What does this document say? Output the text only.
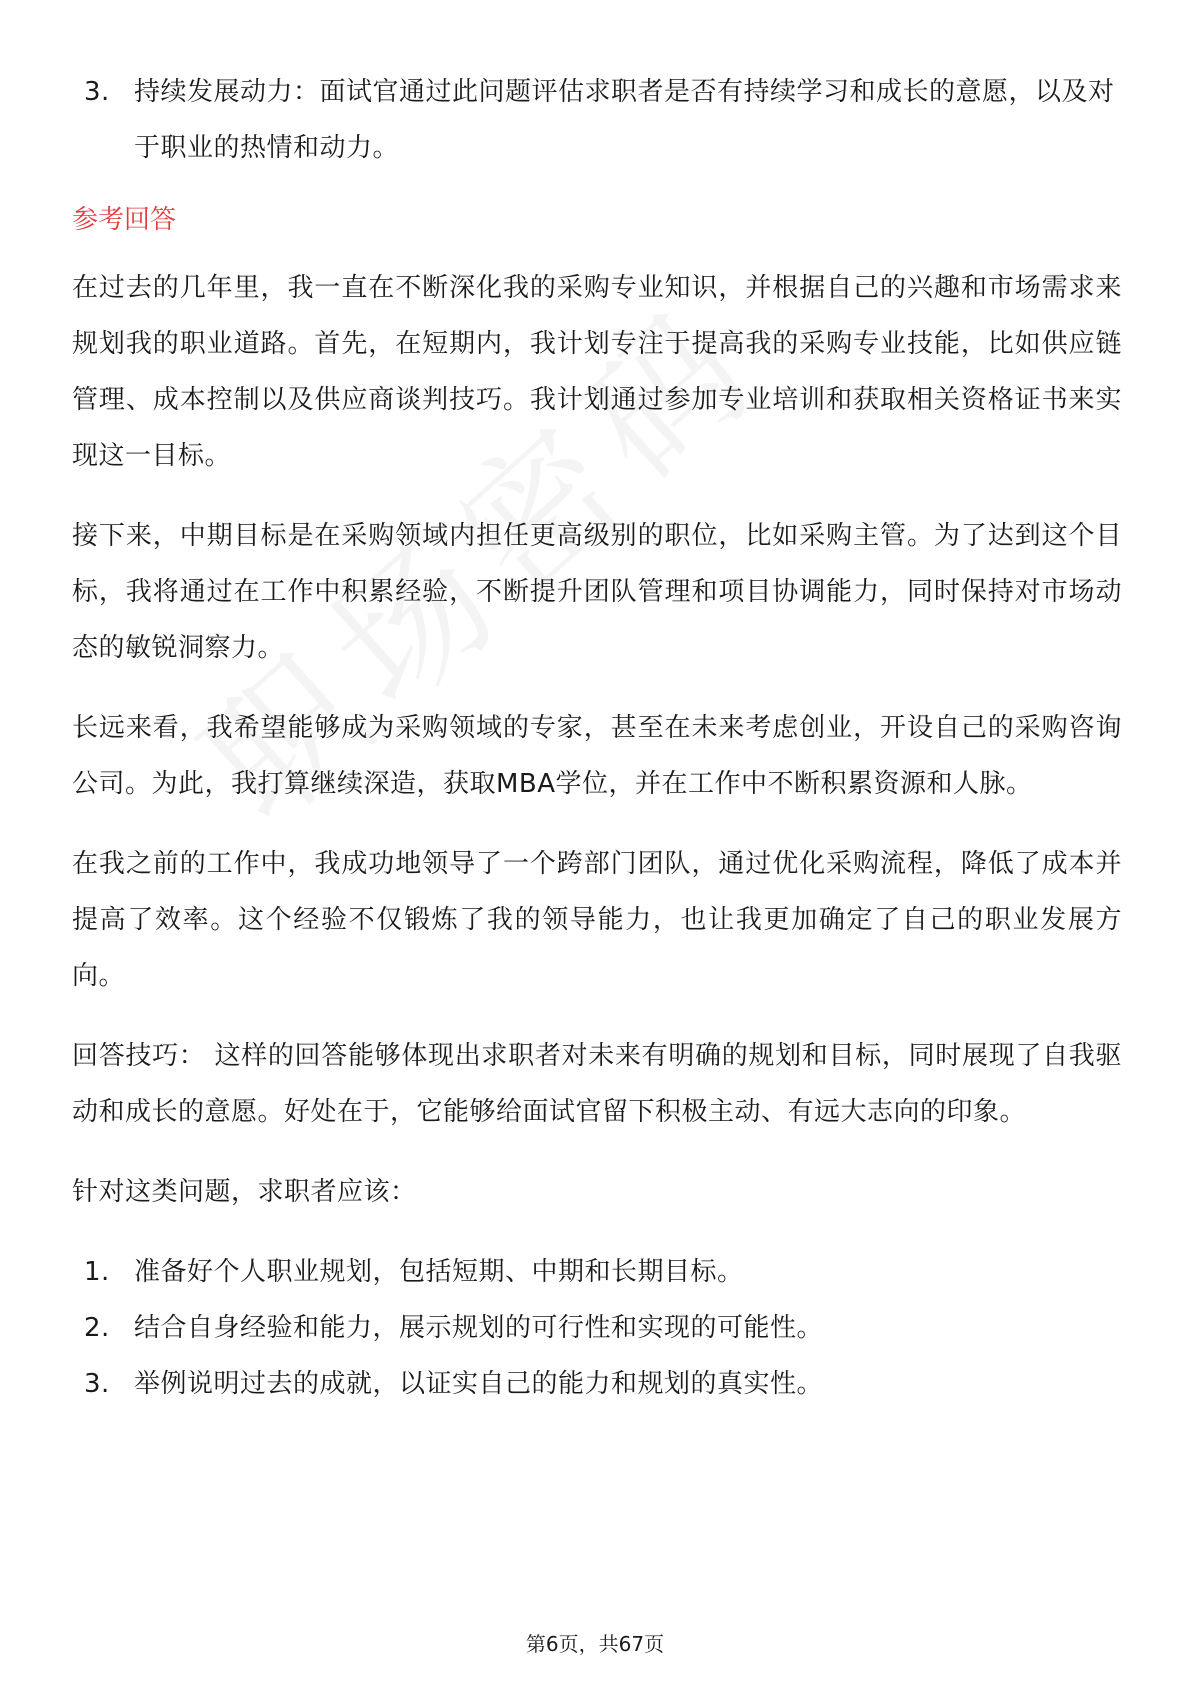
3. 持续发展动力：面试官通过此问题评估求职者是否有持续学习和成长的意愿，以及对于职业的热情和动力。
参考回答

在过去的几年里，我一直在不断深化我的采购专业知识，并根据自己的兴趣和市场需求来规划我的职业道路。首先，在短期内，我计划专注于提高我的采购专业技能，比如供应链管理、成本控制以及供应商谈判技巧。我计划通过参加专业培训和获取相关资格证书来实现这一目标。

接下来，中期目标是在采购领域内担任更高级别的职位，比如采购主管。为了达到这个目标，我将通过在工作中积累经验，不断提升团队管理和项目协调能力，同时保持对市场动态的敏锐洞察力。

长远来看，我希望能够成为采购领域的专家，甚至在未来考虑创业，开设自己的采购咨询公司。为此，我打算继续深造，获取MBA学位，并在工作中不断积累资源和人脉。

在我之前的工作中，我成功地领导了一个跨部门团队，通过优化采购流程，降低了成本并提高了效率。这个经验不仅锻炼了我的领导能力，也让我更加确定了自己的职业发展方向。

回答技巧： 这样的回答能够体现出求职者对未来有明确的规划和目标，同时展现了自我驱动和成长的意愿。好处在于，它能够给面试官留下积极主动、有远大志向的印象。

针对这类问题，求职者应该：

1. 准备好个人职业规划，包括短期、中期和长期目标。
2. 结合自身经验和能力，展示规划的可行性和实现的可能性。
3. 举例说明过去的成就，以证实自己的能力和规划的真实性。
第6页，共67页
